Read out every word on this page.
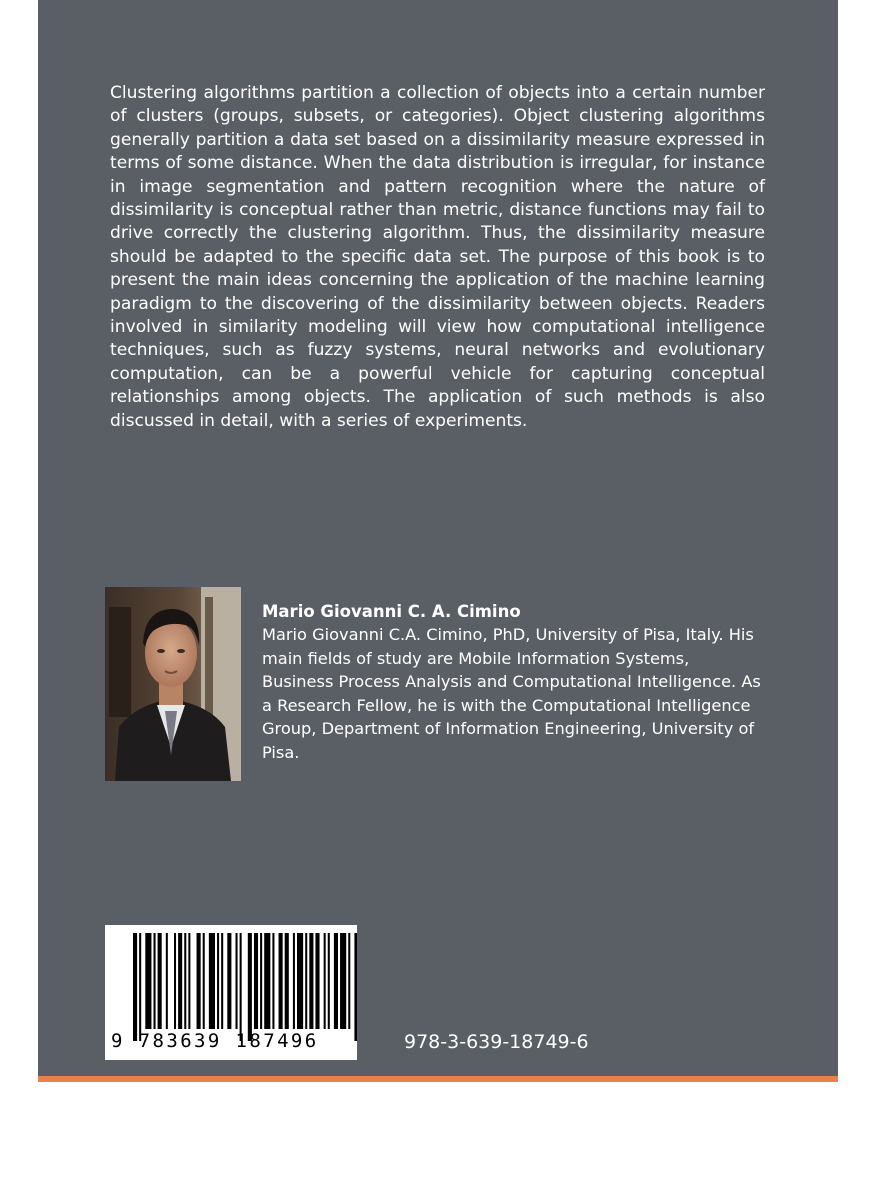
Clustering algorithms partition a collection of objects into a certain number of clusters (groups, subsets, or categories). Object clustering algorithms generally partition a data set based on a dissimilarity measure expressed in terms of some distance. When the data distribution is irregular, for instance in image segmentation and pattern recognition where the nature of dissimilarity is conceptual rather than metric, distance functions may fail to drive correctly the clustering algorithm. Thus, the dissimilarity measure should be adapted to the specific data set. The purpose of this book is to present the main ideas concerning the application of the machine learning paradigm to the discovering of the dissimilarity between objects. Readers involved in similarity modeling will view how computational intelligence techniques, such as fuzzy systems, neural networks and evolutionary computation, can be a powerful vehicle for capturing conceptual relationships among objects. The application of such methods is also discussed in detail, with a series of experiments.

Mario Giovanni C. A. Cimino

Mario Giovanni C.A. Cimino, PhD, University of Pisa, Italy. His main fields of study are Mobile Information Systems, Business Process Analysis and Computational Intelligence. As a Research Fellow, he is with the Computational Intelligence Group, Department of Information Engineering, University of Pisa.

9 783639 187496	978-3-639-18749-6
